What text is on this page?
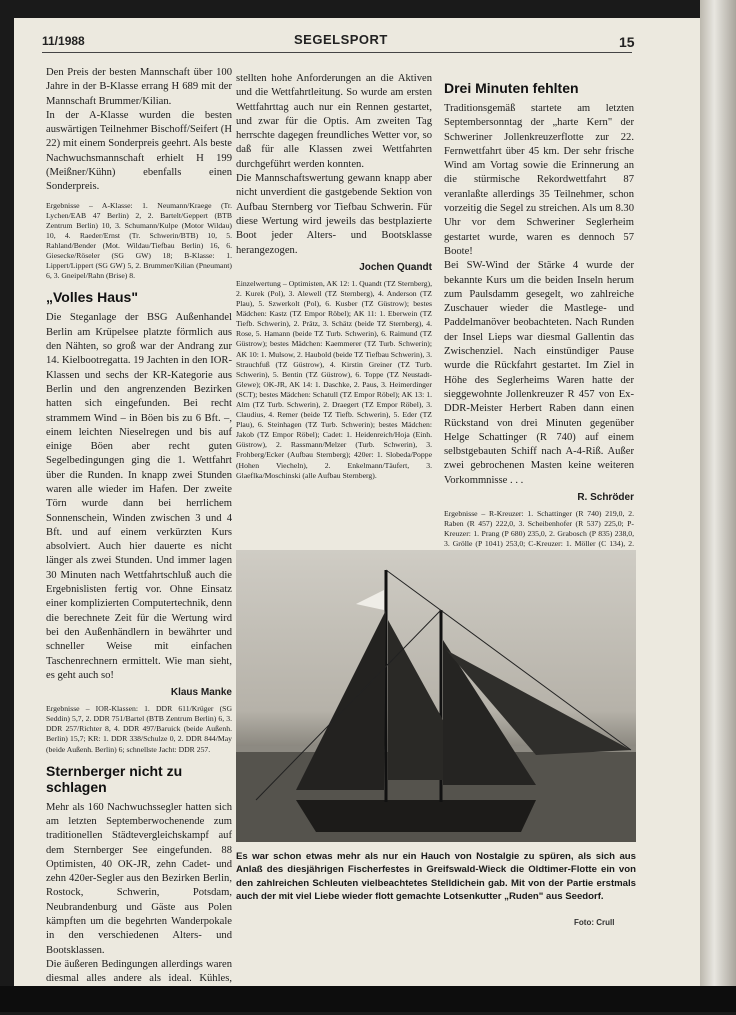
11/1988	SEGELSPORT	15

Den Preis der besten Mannschaft über 100 Jahre in der B-Klasse errang H 689 mit der Mannschaft Brummer/Kilian.

In der A-Klasse wurden die besten auswärtigen Teilnehmer Bischoff/Seifert (H 22) mit einem Sonderpreis geehrt. Als beste Nachwuchsmannschaft erhielt H 199 (Meißner/Kühn) ebenfalls einen Sonderpreis.

Ergebnisse – A-Klasse: 1. Neumann/Kraege (Tr. Lychen/EAB 47 Berlin) 2, 2. Bartelt/Geppert (BTB Zentrum Berlin) 10, 3. Schumann/Kulpe (Motor Wildau) 10, 4. Raeder/Ernst (Tr. Schwerin/BTB) 10, 5. Rahland/Bender (Mot. Wildau/Tiefbau Berlin) 16, 6. Giesecke/Röseler (SG GW) 18; B-Klasse: 1. Lippert/Lippert (SG GW) 5, 2. Brummer/Kilian (Pneumant) 6, 3. Gneipel/Rahn (Brise) 8.

„Volles Haus"

Die Steganlage der BSG Außenhandel Berlin am Krüpelsee platzte förmlich aus den Nähten, so groß war der Andrang zur 14. Kielbootregatta. 19 Jachten in den IOR-Klassen und sechs der KR-Kategorie aus Berlin und den angrenzenden Bezirken hatten sich eingefunden. Bei recht strammem Wind – in Böen bis zu 6 Bft. –, einem leichten Nieselregen und bis auf einige Böen aber recht guten Segelbedingungen ging die 1. Wettfahrt über die Runden. In knapp zwei Stunden waren alle wieder im Hafen. Der zweite Törn wurde dann bei herrlichem Sonnenschein, Winden zwischen 3 und 4 Bft. und auf einem verkürzten Kurs absolviert. Auch hier dauerte es nicht länger als zwei Stunden. Und immer lagen 30 Minuten nach Wettfahrtschluß auch die Ergebnislisten fertig vor. Ohne Einsatz einer komplizierten Computertechnik, denn die berechnete Zeit für die Wertung wird bei den Außenhändlern in bewährter und schneller Weise mit einfachen Taschenrechnern ermittelt. Wie man sieht, es geht auch so!

Klaus Manke

Ergebnisse – IOR-Klassen: 1. DDR 611/Krüger (SG Seddin) 5,7, 2. DDR 751/Bartel (BTB Zentrum Berlin) 6, 3. DDR 257/Richter 8, 4. DDR 497/Baruick (beide Außenh. Berlin) 15,7; KR: 1. DDR 338/Schulze 0, 2. DDR 844/May (beide Außenh. Berlin) 6; schnellste Jacht: DDR 257.

Sternberger nicht zu schlagen

Mehr als 160 Nachwuchssegler hatten sich am letzten Septemberwochenende zum traditionellen Städtevergleichskampf auf dem Sternberger See eingefunden. 88 Optimisten, 40 OK-JR, zehn Cadet- und zehn 420er-Segler aus den Bezirken Berlin, Rostock, Schwerin, Potsdam, Neubrandenburg und Gäste aus Polen kämpften um die begehrten Wanderpokale in den verschiedenen Alters- und Bootsklassen.

Die äußeren Bedingungen allerdings waren diesmal alles andere als ideal. Kühles,

stellten hohe Anforderungen an die Aktiven und die Wettfahrtleitung. So wurde am ersten Wettfahrttag auch nur ein Rennen gestartet, und zwar für die Optis. Am zweiten Tag herrschte dagegen freundliches Wetter vor, so daß für alle Klassen zwei Wettfahrten durchgeführt werden konnten.

Die Mannschaftswertung gewann knapp aber nicht unverdient die gastgebende Sektion von Aufbau Sternberg vor Tiefbau Schwerin. Für diese Wertung wird jeweils das bestplazierte Boot jeder Alters- und Bootsklasse herangezogen.

Jochen Quandt

Einzelwertung – Optimisten, AK 12: 1. Quandt (TZ Sternberg), 2. Kurek (Pol), 3. Alewell (TZ Sternberg), 4. Anderson (TZ Plau), 5. Szwerkolt (Pol), 6. Kusber (TZ Güstrow); bestes Mädchen: Kastz (TZ Empor Röbel); AK 11: 1. Eberwein (TZ Tiefb. Schwerin), 2. Prätz, 3. Schätz (beide TZ Sternberg), 4. Rose, 5. Hamann (beide TZ Turb. Schwerin), 6. Raimund (TZ Güstrow); bestes Mädchen: Kaemmerer (TZ Turb. Schwerin); AK 10: 1. Mulsow, 2. Haubold (beide TZ Tiefbau Schwerin), 3. Strauchfuß (TZ Güstrow), 4. Kirstin Greiner (TZ Turb. Schwerin), 5. Bentin (TZ Güstrow), 6. Toppe (TZ Neustadt-Glewe); OK-JR, AK 14: 1. Daschke, 2. Paus, 3. Heimerdinger (SCT); bestes Mädchen: Schatull (TZ Empor Röbel); AK 13: 1. Alm (TZ Turb. Schwerin), 2. Draegert (TZ Empor Röbel), 3. Claudius, 4. Remer (beide TZ Tiefb. Schwerin), 5. Eder (TZ Plau), 6. Steinhagen (TZ Turb. Schwerin); bestes Mädchen: Jakob (TZ Empor Röbel); Cadet: 1. Heidenreich/Hoja (Einh. Güstrow), 2. Rassmann/Melzer (Turb. Schwerin), 3. Frohberg/Ecker (Aufbau Sternberg); 420er: 1. Slobeda/Poppe (Hohen Viecheln), 2. Enkelmann/Täufert, 3. Glaeflka/Moschinski (alle Aufbau Sternberg).

Drei Minuten fehlten

Traditionsgemäß startete am letzten Septembersonntag der „harte Kern" der Schweriner Jollenkreuzerflotte zur 22. Fernwettfahrt über 45 km. Der sehr frische Wind am Vortag sowie die Erinnerung an die stürmische Rekordwettfahrt 87 veranlaßte allerdings 35 Teilnehmer, schon vorzeitig die Segel zu streichen. Als um 8.30 Uhr vor dem Schweriner Seglerheim gestartet wurde, waren es dennoch 57 Boote!

Bei SW-Wind der Stärke 4 wurde der bekannte Kurs um die beiden Inseln herum zum Paulsdamm gesegelt, wo zahlreiche Zuschauer wieder die Mastlege- und Paddelmanöver beobachteten. Nach Runden der Insel Lieps war diesmal Gallentin das Zwischenziel. Nach einstündiger Pause wurde die Rückfahrt gestartet. Im Ziel in Höhe des Seglerheims Waren hatte der sieggewohnte Jollenkreuzer R 457 von Ex-DDR-Meister Herbert Raben dann einen Rückstand von drei Minuten gegenüber Helge Schattinger (R 740) auf einem selbstgebauten Schiff nach A-4-Riß. Außer zwei gebrochenen Masten keine weiteren Vorkommnisse . . .

R. Schröder

Ergebnisse – R-Kreuzer: 1. Schattinger (R 740) 219,0, 2. Raben (R 457) 222,0, 3. Scheibenhofer (R 537) 225,0; P-Kreuzer: 1. Prang (P 680) 235,0, 2. Grabosch (P 835) 238,0, 3. Grölle (P 1041) 253,0; C-Kreuzer: 1. Möller (C 134), 2.

Es war schon etwas mehr als nur ein Hauch von Nostalgie zu spüren, als sich aus Anlaß des diesjährigen Fischerfestes in Greifswald-Wieck die Oldtimer-Flotte ein von den zahlreichen Schleuten vielbeachtetes Stelldichein gab. Mit von der Partie erstmals auch der mit viel Liebe wieder flott gemachte Lotsenkutter „Ruden" aus Seedorf.
Foto: Crull
